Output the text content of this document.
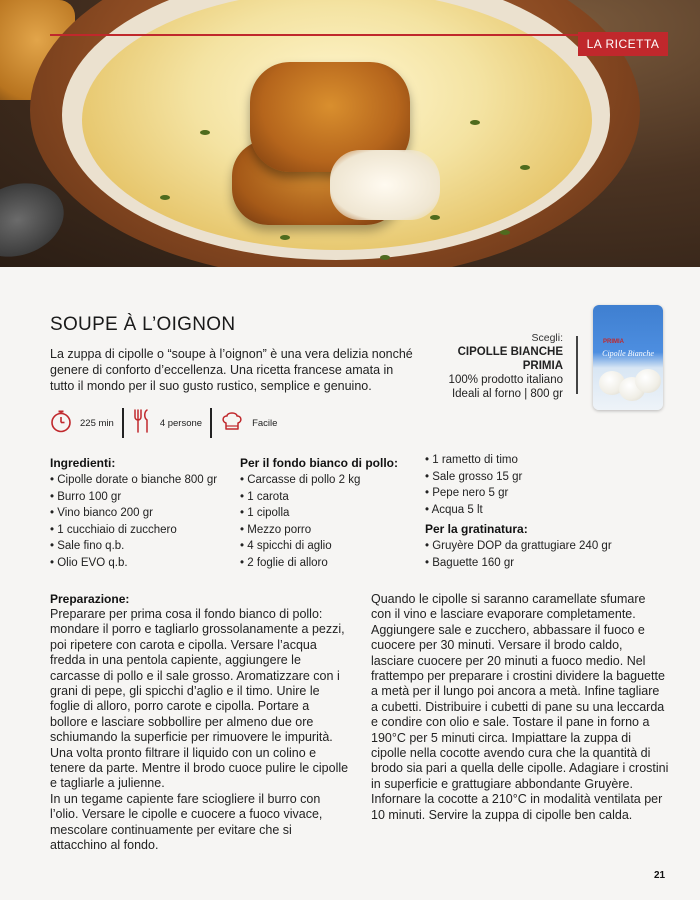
LA RICETTA
SOUPE À L’OIGNON

La zuppa di cipolle o “soupe à l’oignon” è una vera delizia nonché genere di conforto d’eccellenza. Una ricetta francese amata in tutto il mondo per il suo gusto rustico, semplice e genuino.

225 min	4 persone	Facile
Scegli:
CIPOLLE BIANCHE
PRIMIA
100% prodotto italiano
Ideali al forno | 800 gr
PRIMIA
Cipolle Bianche
Ingredienti:
• Cipolle dorate o bianche 800 gr
• Burro 100 gr
• Vino bianco 200 gr
• 1 cucchiaio di zucchero
• Sale fino q.b.
• Olio EVO q.b.
Per il fondo bianco di pollo:
• Carcasse di pollo 2 kg
• 1 carota
• 1 cipolla
• Mezzo porro
• 4 spicchi di aglio
• 2 foglie di alloro
• 1 rametto di timo
• Sale grosso 15 gr
• Pepe nero 5 gr
• Acqua 5 lt
Per la gratinatura:
• Gruyère DOP da grattugiare 240 gr
• Baguette 160 gr
Preparazione:

Preparare per prima cosa il fondo bianco di pollo: mondare il porro e tagliarlo grossolanamente a pezzi, poi ripetere con carota e cipolla. Versare l’acqua fredda in una pentola capiente, aggiungere le carcasse di pollo e il sale grosso. Aromatizzare con i grani di pepe, gli spicchi d’aglio e il timo. Unire le foglie di alloro, porro carote e cipolla. Portare a bollore e lasciare sobbollire per almeno due ore schiumando la superficie per rimuovere le impurità. Una volta pronto filtrare il liquido con un colino e tenere da parte. Mentre il brodo cuoce pulire le cipolle e tagliarle a julienne.

In un tegame capiente fare sciogliere il burro con l’olio. Versare le cipolle e cuocere a fuoco vivace, mescolare continuamente per evitare che si attacchino al fondo.

Quando le cipolle si saranno caramellate sfumare con il vino e lasciare evaporare completamente. Aggiungere sale e zucchero, abbassare il fuoco e cuocere per 30 minuti. Versare il brodo caldo, lasciare cuocere per 20 minuti a fuoco medio. Nel frattempo per preparare i crostini dividere la baguette a metà per il lungo poi ancora a metà. Infine tagliare a cubetti. Distribuire i cubetti di pane su una leccarda e condire con olio e sale. Tostare il pane in forno a 190°C per 5 minuti circa. Impiattare la zuppa di cipolle nella cocotte avendo cura che la quantità di brodo sia pari a quella delle cipolle. Adagiare i crostini in superficie e grattugiare abbondante Gruyère. Infornare la cocotte a 210°C in modalità ventilata per 10 minuti. Servire la zuppa di cipolle ben calda.

21
